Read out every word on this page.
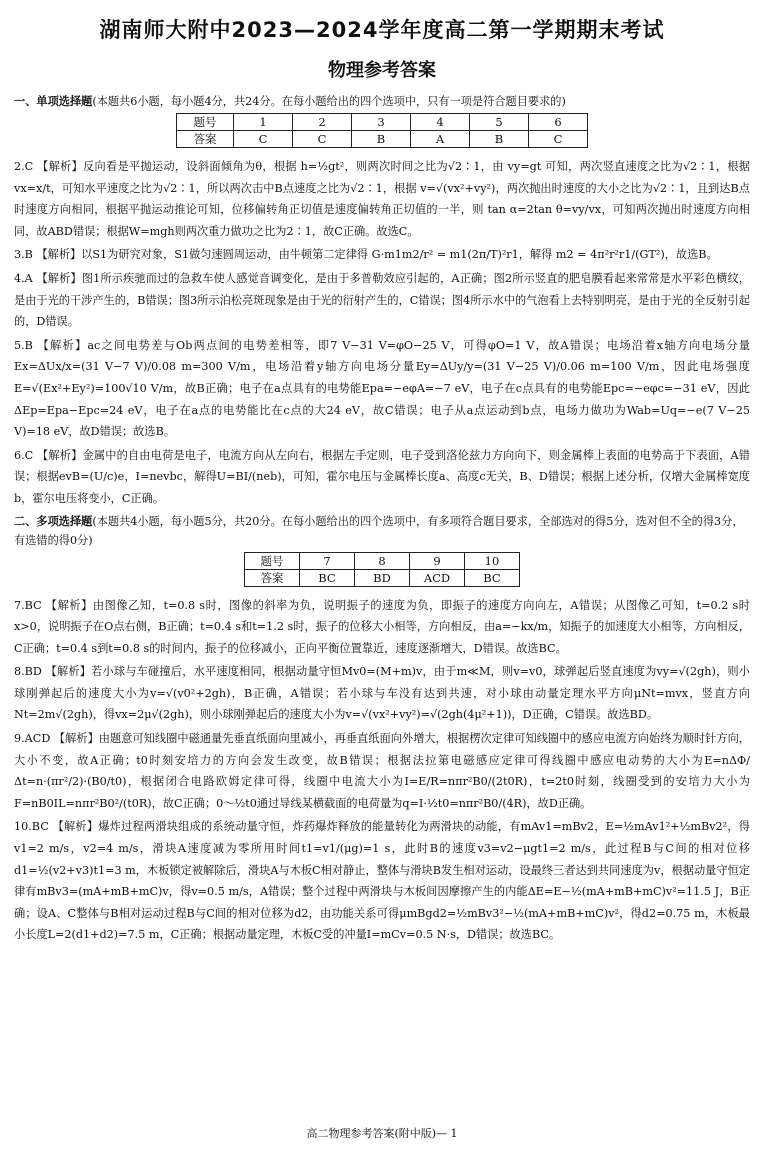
湖南师大附中2023—2024学年度高二第一学期期末考试
物理参考答案
一、单项选择题(本题共6小题，每小题4分，共24分。在每小题给出的四个选项中，只有一项是符合题目要求的)
题号	1	2	3	4	5	6
答案	C	C	B	A	B	C

2.C 【解析】反向看是平抛运动，设斜面倾角为θ，根据 h=½gt²，则两次时间之比为√2∶1，由 vy=gt 可知，两次竖直速度之比为√2∶1，根据 vx=x/t，可知水平速度之比为√2∶1，所以两次击中B点速度之比为√2∶1，根据 v=√(vx²+vy²)，两次抛出时速度的大小之比为√2∶1，且到达B点时速度方向相同，根据平抛运动推论可知，位移偏转角正切值是速度偏转角正切值的一半，则 tan α=2tan θ=vy/vx，可知两次抛出时速度方向相同，故ABD错误；根据W=mgh则两次重力做功之比为2∶1，故C正确。故选C。

3.B 【解析】以S1为研究对象，S1做匀速圆周运动，由牛顿第二定律得 G·m1m2/r² = m1(2π/T)²r1，解得 m2 = 4π²r²r1/(GT²)，故选B。

4.A 【解析】图1所示疾驰而过的急救车使人感觉音调变化，是由于多普勒效应引起的，A正确；图2所示竖直的肥皂膜看起来常常是水平彩色横纹，是由于光的干涉产生的，B错误；图3所示泊松亮斑现象是由于光的衍射产生的，C错误；图4所示水中的气泡看上去特别明亮，是由于光的全反射引起的，D错误。

5.B 【解析】ac之间电势差与Ob两点间的电势差相等，即7 V−31 V=φO−25 V，可得φO=1 V，故A错误；电场沿着x轴方向电场分量Ex=ΔUx/x=(31 V−7 V)/0.08 m=300 V/m，电场沿着y轴方向电场分量Ey=ΔUy/y=(31 V−25 V)/0.06 m=100 V/m，因此电场强度E=√(Ex²+Ey²)=100√10 V/m，故B正确；电子在a点具有的电势能Epa=−eφA=−7 eV，电子在c点具有的电势能Epc=−eφc=−31 eV，因此ΔEp=Epa−Epc=24 eV，电子在a点的电势能比在c点的大24 eV，故C错误；电子从a点运动到b点，电场力做功为Wab=Uq=−e(7 V−25 V)=18 eV，故D错误；故选B。

6.C 【解析】金属中的自由电荷是电子，电流方向从左向右，根据左手定则，电子受到洛伦兹力方向向下，则金属棒上表面的电势高于下表面，A错误；根据evB=(U/c)e，I=nevbc，解得U=BI/(neb)，可知，霍尔电压与金属棒长度a、高度c无关，B、D错误；根据上述分析，仅增大金属棒宽度b，霍尔电压将变小，C正确。

二、多项选择题(本题共4小题，每小题5分，共20分。在每小题给出的四个选项中，有多项符合题目要求，全部选对的得5分，选对但不全的得3分，有选错的得0分)
题号	7	8	9	10
答案	BC	BD	ACD	BC

7.BC 【解析】由图像乙知，t=0.8 s时，图像的斜率为负，说明振子的速度为负，即振子的速度方向向左，A错误；从图像乙可知，t=0.2 s时x>0，说明振子在O点右侧，B正确；t=0.4 s和t=1.2 s时，振子的位移大小相等，方向相反，由a=−kx/m，知振子的加速度大小相等，方向相反，C正确；t=0.4 s到t=0.8 s的时间内，振子的位移减小，正向平衡位置靠近，速度逐渐增大，D错误。故选BC。

8.BD 【解析】若小球与车碰撞后，水平速度相同，根据动量守恒Mv0=(M+m)v，由于m≪M，则v=v0，球弹起后竖直速度为vy=√(2gh)，则小球刚弹起后的速度大小为v=√(v0²+2gh)，B正确，A错误；若小球与车没有达到共速，对小球由动量定理水平方向μNt=mvx，竖直方向Nt=2m√(2gh)，得vx=2μ√(2gh)，则小球刚弹起后的速度大小为v=√(vx²+vy²)=√(2gh(4μ²+1))，D正确，C错误。故选BD。

9.ACD 【解析】由题意可知线圈中磁通量先垂直纸面向里减小，再垂直纸面向外增大，根据楞次定律可知线圈中的感应电流方向始终为顺时针方向，大小不变，故A正确；t0时刻安培力的方向会发生改变，故B错误；根据法拉第电磁感应定律可得线圈中感应电动势的大小为E=nΔΦ/Δt=n·(πr²/2)·(B0/t0)，根据闭合电路欧姆定律可得，线圈中电流大小为I=E/R=nπr²B0/(2t0R)，t=2t0时刻，线圈受到的安培力大小为F=nB0IL=nπr²B0²/(t0R)，故C正确；0～½t0通过导线某横截面的电荷量为q=I·½t0=nπr²B0/(4R)，故D正确。

10.BC 【解析】爆炸过程两滑块组成的系统动量守恒，炸药爆炸释放的能量转化为两滑块的动能，有mAv1=mBv2，E=½mAv1²+½mBv2²，得v1=2 m/s，v2=4 m/s，滑块A速度减为零所用时间t1=v1/(μg)=1 s，此时B的速度v3=v2−μgt1=2 m/s，此过程B与C间的相对位移d1=½(v2+v3)t1=3 m，木板锁定被解除后，滑块A与木板C相对静止，整体与滑块B发生相对运动，设最终三者达到共同速度为v，根据动量守恒定律有mBv3=(mA+mB+mC)v，得v=0.5 m/s，A错误；整个过程中两滑块与木板间因摩擦产生的内能ΔE=E−½(mA+mB+mC)v²=11.5 J，B正确；设A、C整体与B相对运动过程B与C间的相对位移为d2，由功能关系可得μmBgd2=½mBv3²−½(mA+mB+mC)v²，得d2=0.75 m，木板最小长度L=2(d1+d2)=7.5 m，C正确；根据动量定理，木板C受的冲量I=mCv=0.5 N·s，D错误；故选BC。

高二物理参考答案(附中版)— 1
